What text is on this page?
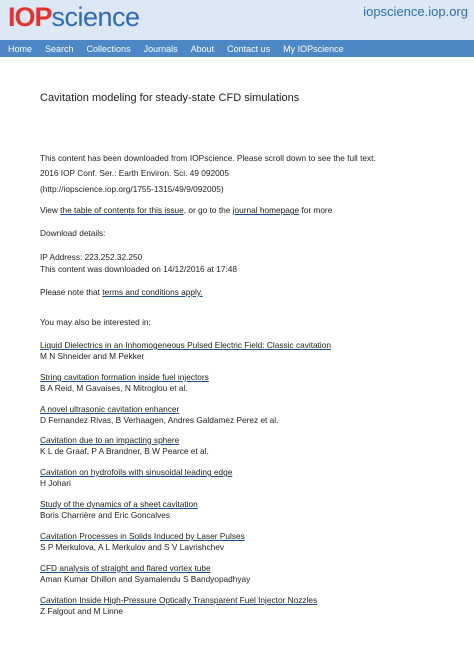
IOP science	iopscience.iop.org
Home	Search	Collections	Journals	About	Contact us	My IOPscience
Cavitation modeling for steady-state CFD simulations
This content has been downloaded from IOPscience. Please scroll down to see the full text.
2016 IOP Conf. Ser.: Earth Environ. Sci. 49 092005
(http://iopscience.iop.org/1755-1315/49/9/092005)
View the table of contents for this issue, or go to the journal homepage for more
Download details:
IP Address: 223.252.32.250
This content was downloaded on 14/12/2016 at 17:48
Please note that terms and conditions apply.
You may also be interested in:
Liquid Dielectrics in an Inhomogeneous Pulsed Electric Field: Classic cavitation
M N Shneider and M Pekker
String cavitation formation inside fuel injectors
B A Reid, M Gavaises, N Mitroglou et al.
A novel ultrasonic cavitation enhancer
D Fernandez Rivas, B Verhaagen, Andres Galdamez Perez et al.
Cavitation due to an impacting sphere
K L de Graaf, P A Brandner, B W Pearce et al.
Cavitation on hydrofoils with sinusoidal leading edge
H Johari
Study of the dynamics of a sheet cavitation
Boris Charrière and Eric Goncalves
Cavitation Processes in Solids Induced by Laser Pulses
S P Merkulova, A L Merkulov and S V Lavrishchev
CFD analysis of straight and flared vortex tube
Aman Kumar Dhillon and Syamalendu S Bandyopadhyay
Cavitation Inside High-Pressure Optically Transparent Fuel Injector Nozzles
Z Falgout and M Linne
